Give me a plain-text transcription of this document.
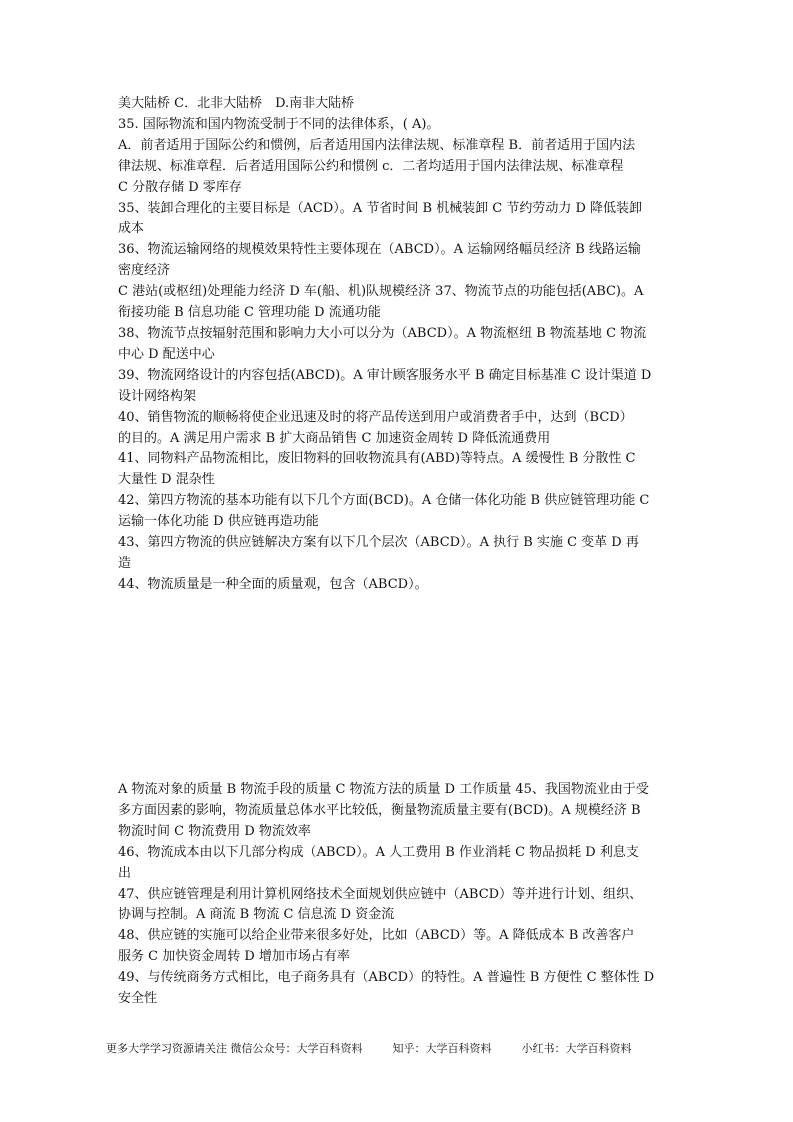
美大陆桥 C．北非大陆桥　D.南非大陆桥
35. 国际物流和国内物流受制于不同的法律体系，( A)。
A．前者适用于国际公约和惯例，后者适用国内法律法规、标准章程 B．前者适用于国内法
律法规、标准章程．后者适用国际公约和惯例 c．二者均适用于国内法律法规、标准章程
C 分散存储 D 零库存
35、装卸合理化的主要目标是（ACD）。A 节省时间 B 机械装卸 C 节约劳动力 D 降低装卸
成本
36、物流运输网络的规模效果特性主要体现在（ABCD）。A 运输网络幅员经济 B 线路运输
密度经济
C 港站(或枢纽)处理能力经济 D 车(船、机)队规模经济 37、物流节点的功能包括(ABC)。A
衔接功能 B 信息功能 C 管理功能 D 流通功能
38、物流节点按辐射范围和影响力大小可以分为（ABCD）。A 物流枢纽 B 物流基地 C 物流
中心 D 配送中心
39、物流网络设计的内容包括(ABCD)。A 审计顾客服务水平 B 确定目标基准 C 设计渠道 D
设计网络构架
40、销售物流的顺畅将使企业迅速及时的将产品传送到用户或消费者手中，达到（BCD）
的目的。A 满足用户需求 B 扩大商品销售 C 加速资金周转 D 降低流通费用
41、同物料产品物流相比，废旧物料的回收物流具有(ABD)等特点。A 缓慢性 B 分散性 C
大量性 D 混杂性
42、第四方物流的基本功能有以下几个方面(BCD)。A 仓储一体化功能 B 供应链管理功能 C
运输一体化功能 D 供应链再造功能
43、第四方物流的供应链解决方案有以下几个层次（ABCD）。A 执行 B 实施 C 变革 D 再
造
44、物流质量是一种全面的质量观，包含（ABCD）。
A 物流对象的质量 B 物流手段的质量 C 物流方法的质量 D 工作质量 45、我国物流业由于受
多方面因素的影响，物流质量总体水平比较低，衡量物流质量主要有(BCD)。A 规模经济 B
物流时间 C 物流费用 D 物流效率
46、物流成本由以下几部分构成（ABCD）。A 人工费用 B 作业消耗 C 物品损耗 D 利息支
出
47、供应链管理是利用计算机网络技术全面规划供应链中（ABCD）等并进行计划、组织、
协调与控制。A 商流 B 物流 C 信息流 D 资金流
48、供应链的实施可以给企业带来很多好处，比如（ABCD）等。A 降低成本 B 改善客户
服务 C 加快资金周转 D 增加市场占有率
49、与传统商务方式相比，电子商务具有（ABCD）的特性。A 普遍性 B 方便性 C 整体性 D
安全性
更多大学学习资源请关注 微信公众号：大学百科资料	知乎：大学百科资料	小红书：大学百科资料
